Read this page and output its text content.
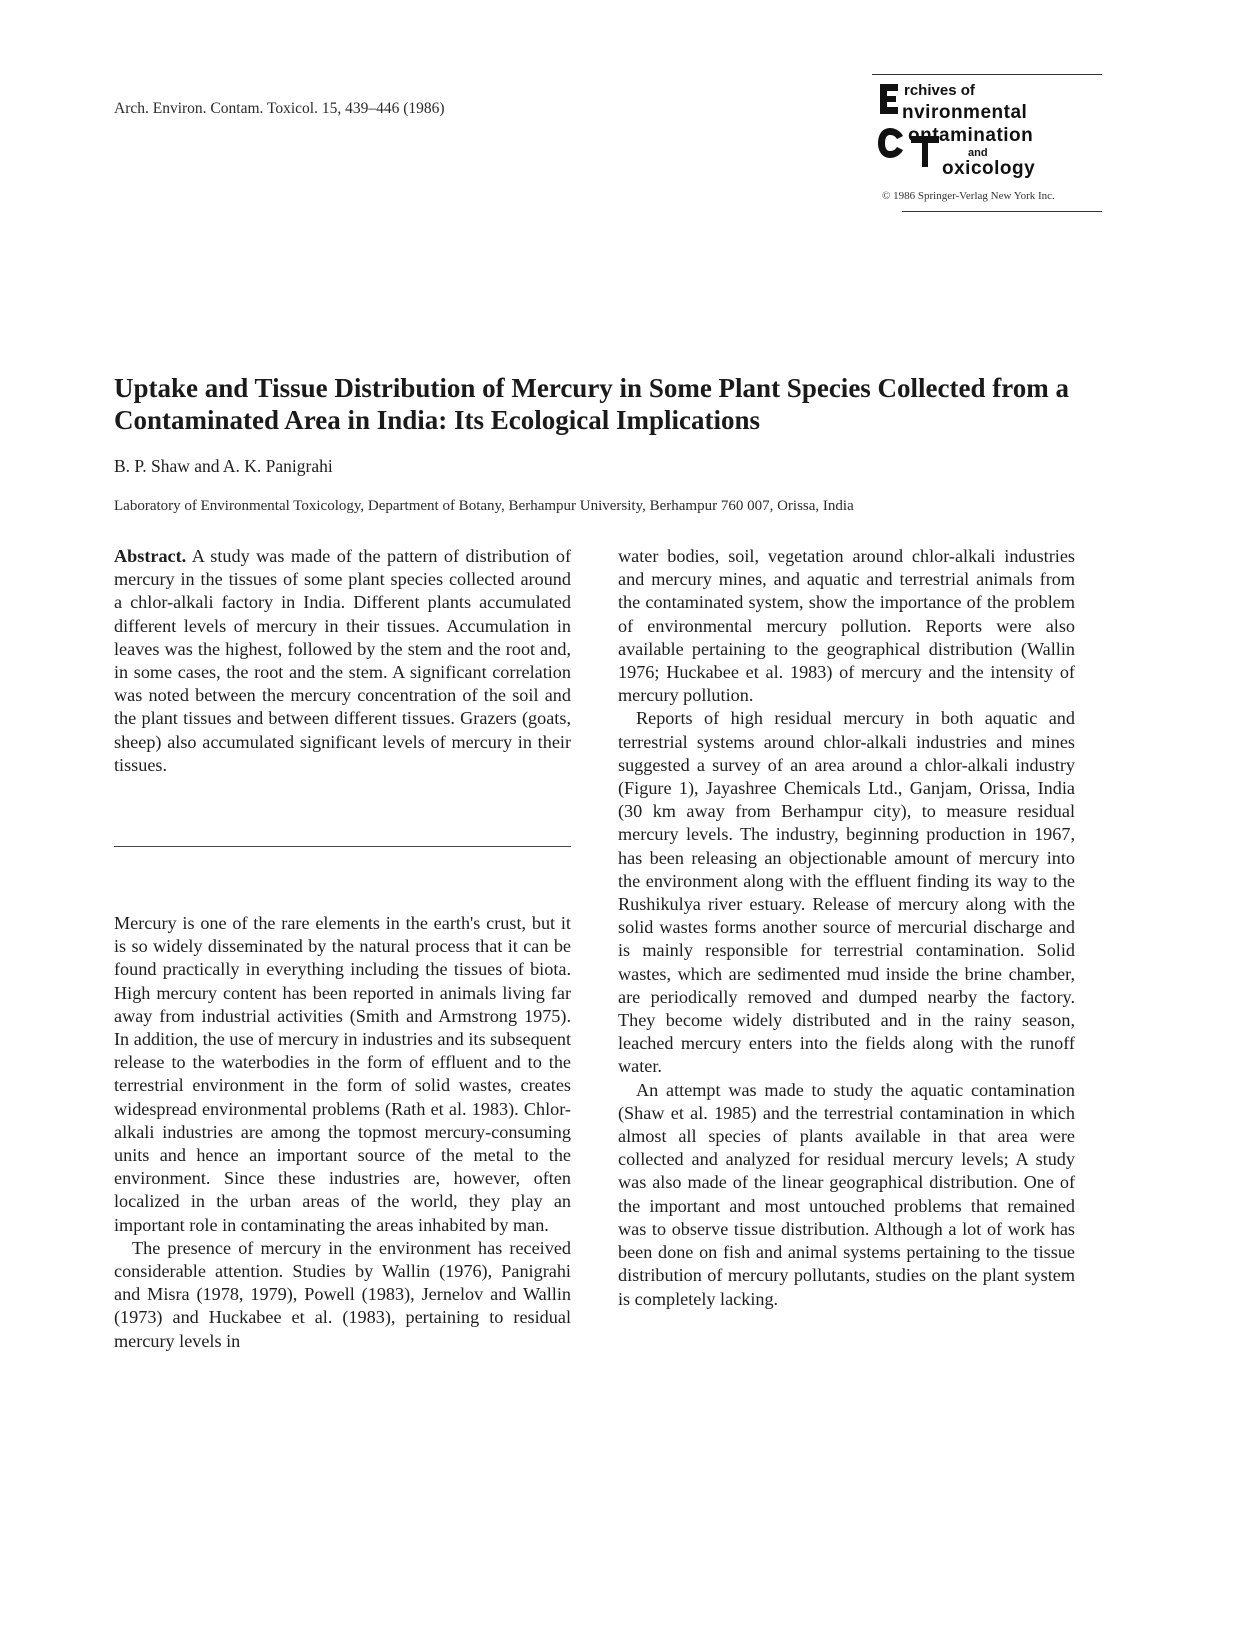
Arch. Environ. Contam. Toxicol. 15, 439–446 (1986)
rchives of
nvironmental
ontamination
and
oxicology
© 1986 Springer-Verlag New York Inc.
Uptake and Tissue Distribution of Mercury in Some Plant Species Collected from a Contaminated Area in India: Its Ecological Implications
B. P. Shaw and A. K. Panigrahi
Laboratory of Environmental Toxicology, Department of Botany, Berhampur University, Berhampur 760 007, Orissa, India

Abstract. A study was made of the pattern of distribution of mercury in the tissues of some plant species collected around a chlor-alkali factory in India. Different plants accumulated different levels of mercury in their tissues. Accumulation in leaves was the highest, followed by the stem and the root and, in some cases, the root and the stem. A significant correlation was noted between the mercury concentration of the soil and the plant tissues and between different tissues. Grazers (goats, sheep) also accumulated significant levels of mercury in their tissues.

Mercury is one of the rare elements in the earth's crust, but it is so widely disseminated by the natural process that it can be found practically in everything including the tissues of biota. High mercury content has been reported in animals living far away from industrial activities (Smith and Armstrong 1975). In addition, the use of mercury in industries and its subsequent release to the waterbodies in the form of effluent and to the terrestrial environment in the form of solid wastes, creates widespread environmental problems (Rath et al. 1983). Chlor-alkali industries are among the topmost mercury-consuming units and hence an important source of the metal to the environment. Since these industries are, however, often localized in the urban areas of the world, they play an important role in contaminating the areas inhabited by man.

The presence of mercury in the environment has received considerable attention. Studies by Wallin (1976), Panigrahi and Misra (1978, 1979), Powell (1983), Jernelov and Wallin (1973) and Huckabee et al. (1983), pertaining to residual mercury levels in

water bodies, soil, vegetation around chlor-alkali industries and mercury mines, and aquatic and terrestrial animals from the contaminated system, show the importance of the problem of environmental mercury pollution. Reports were also available pertaining to the geographical distribution (Wallin 1976; Huckabee et al. 1983) of mercury and the intensity of mercury pollution.

Reports of high residual mercury in both aquatic and terrestrial systems around chlor-alkali industries and mines suggested a survey of an area around a chlor-alkali industry (Figure 1), Jayashree Chemicals Ltd., Ganjam, Orissa, India (30 km away from Berhampur city), to measure residual mercury levels. The industry, beginning production in 1967, has been releasing an objectionable amount of mercury into the environment along with the effluent finding its way to the Rushikulya river estuary. Release of mercury along with the solid wastes forms another source of mercurial discharge and is mainly responsible for terrestrial contamination. Solid wastes, which are sedimented mud inside the brine chamber, are periodically removed and dumped nearby the factory. They become widely distributed and in the rainy season, leached mercury enters into the fields along with the runoff water.

An attempt was made to study the aquatic contamination (Shaw et al. 1985) and the terrestrial contamination in which almost all species of plants available in that area were collected and analyzed for residual mercury levels; A study was also made of the linear geographical distribution. One of the important and most untouched problems that remained was to observe tissue distribution. Although a lot of work has been done on fish and animal systems pertaining to the tissue distribution of mercury pollutants, studies on the plant system is completely lacking.
